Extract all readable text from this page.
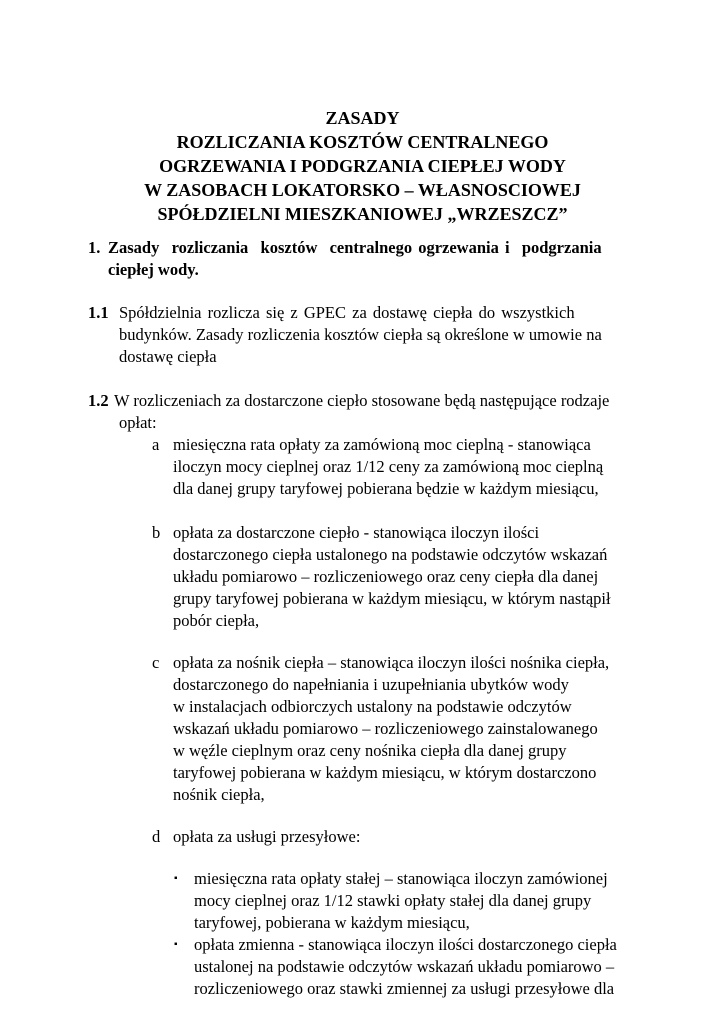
ZASADY
ROZLICZANIA KOSZTÓW CENTRALNEGO
OGRZEWANIA I PODGRZANIA CIEPŁEJ WODY
W ZASOBACH LOKATORSKO – WŁASNOSCIOWEJ
SPÓŁDZIELNI MIESZKANIOWEJ „WRZESZCZ”
1. Zasady  rozliczania  kosztów  centralnego ogrzewania i  podgrzania
ciepłej wody.
1.1 Spółdzielnia rozlicza się z GPEC za dostawę ciepła do wszystkich
budynków. Zasady rozliczenia kosztów ciepła są określone w umowie na
dostawę ciepła
1.2 W rozliczeniach za dostarczone ciepło stosowane będą następujące rodzaje
opłat:
a miesięczna rata opłaty za zamówioną moc cieplną - stanowiąca
iloczyn mocy cieplnej oraz 1/12 ceny za zamówioną moc cieplną
dla danej grupy taryfowej pobierana będzie w każdym miesiącu,
b opłata za dostarczone ciepło - stanowiąca iloczyn ilości
dostarczonego ciepła ustalonego na podstawie odczytów wskazań
układu pomiarowo – rozliczeniowego oraz ceny ciepła dla danej
grupy taryfowej pobierana w każdym miesiącu, w którym nastąpił
pobór ciepła,
c opłata za nośnik ciepła – stanowiąca iloczyn ilości nośnika ciepła,
dostarczonego do napełniania i uzupełniania ubytków wody
w instalacjach odbiorczych ustalony na podstawie odczytów
wskazań układu pomiarowo – rozliczeniowego zainstalowanego
w węźle cieplnym oraz ceny nośnika ciepła dla danej grupy
taryfowej pobierana w każdym miesiącu, w którym dostarczono
nośnik ciepła,
d opłata za usługi przesyłowe:
▪ miesięczna rata opłaty stałej – stanowiąca iloczyn zamówionej
mocy cieplnej oraz 1/12 stawki opłaty stałej dla danej grupy
taryfowej, pobierana w każdym miesiącu,
▪ opłata zmienna - stanowiąca iloczyn ilości dostarczonego ciepła
ustalonej na podstawie odczytów wskazań układu pomiarowo –
rozliczeniowego oraz stawki zmiennej za usługi przesyłowe dla
